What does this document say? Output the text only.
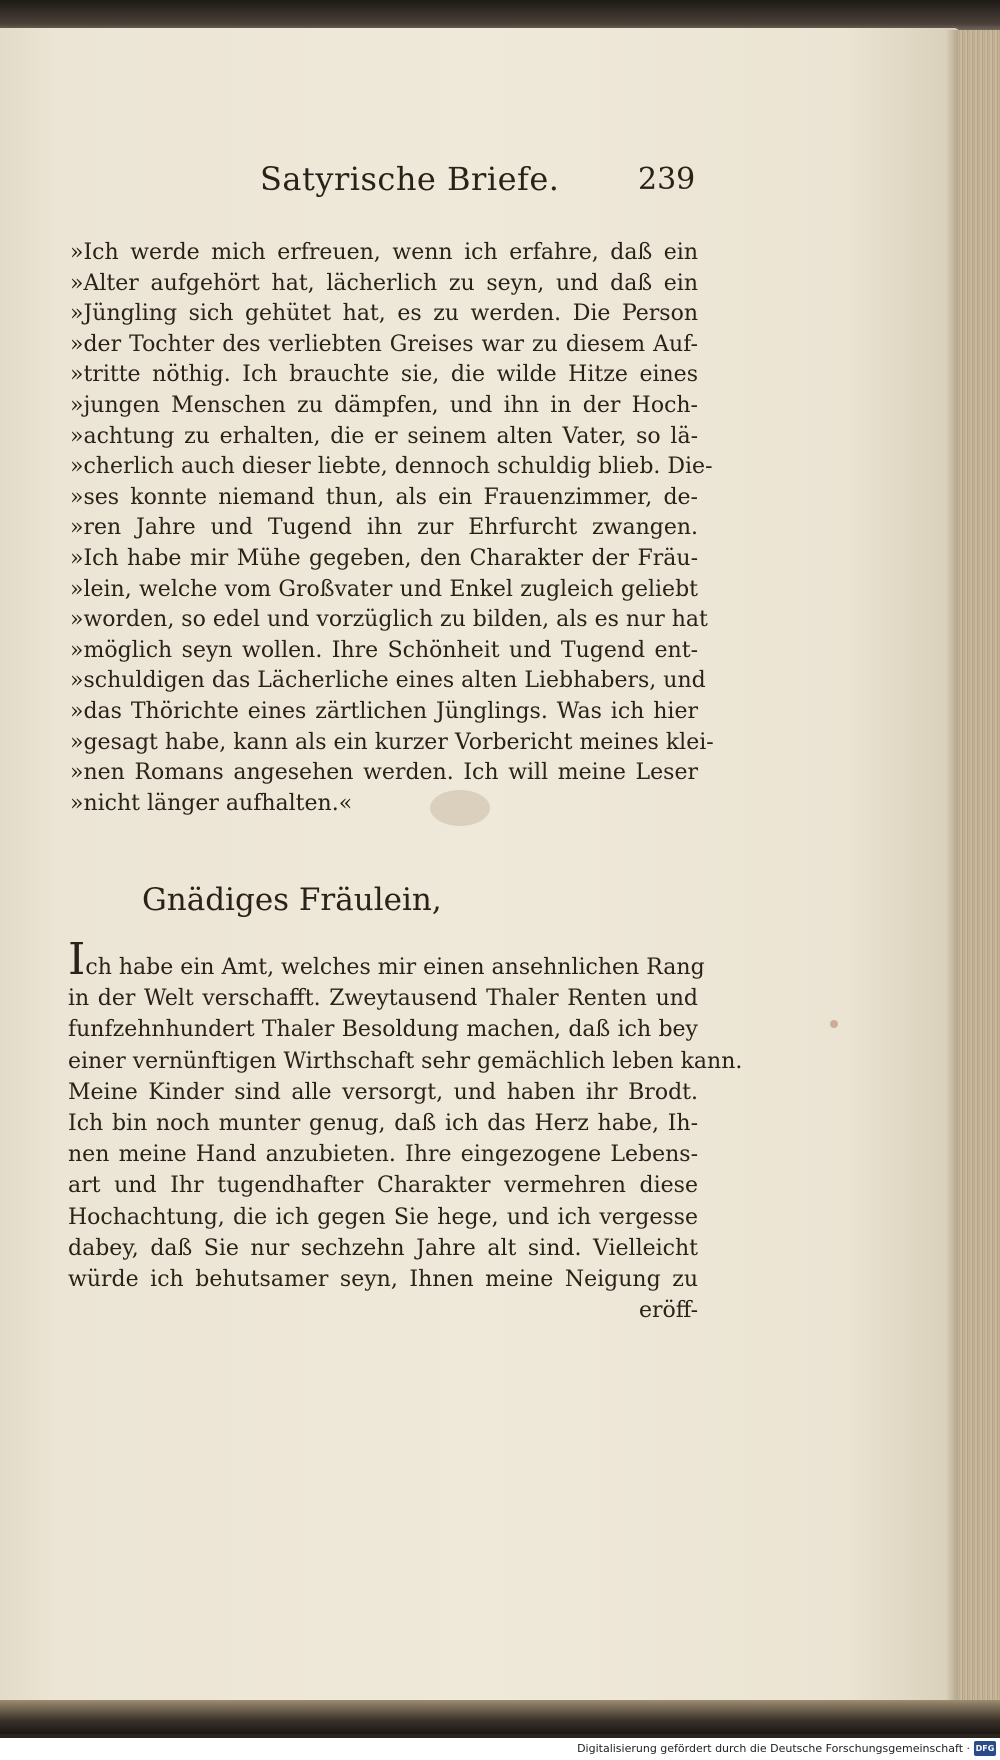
Satyrische Briefe.	239
»Ich werde mich erfreuen, wenn ich erfahre, daß ein
»Alter aufgehört hat, lächerlich zu seyn, und daß ein
»Jüngling sich gehütet hat, es zu werden. Die Person
»der Tochter des verliebten Greises war zu diesem Auf-
»tritte nöthig. Ich brauchte sie, die wilde Hitze eines
»jungen Menschen zu dämpfen, und ihn in der Hoch-
»achtung zu erhalten, die er seinem alten Vater, so lä-
»cherlich auch dieser liebte, dennoch schuldig blieb. Die-
»ses konnte niemand thun, als ein Frauenzimmer, de-
»ren Jahre und Tugend ihn zur Ehrfurcht zwangen.
»Ich habe mir Mühe gegeben, den Charakter der Fräu-
»lein, welche vom Großvater und Enkel zugleich geliebt
»worden, so edel und vorzüglich zu bilden, als es nur hat
»möglich seyn wollen. Ihre Schönheit und Tugend ent-
»schuldigen das Lächerliche eines alten Liebhabers, und
»das Thörichte eines zärtlichen Jünglings. Was ich hier
»gesagt habe, kann als ein kurzer Vorbericht meines klei-
»nen Romans angesehen werden. Ich will meine Leser
»nicht länger aufhalten.«
Gnädiges Fräulein,
Ich habe ein Amt, welches mir einen ansehnlichen Rang
in der Welt verschafft. Zweytausend Thaler Renten und
funfzehnhundert Thaler Besoldung machen, daß ich bey
einer vernünftigen Wirthschaft sehr gemächlich leben kann.
Meine Kinder sind alle versorgt, und haben ihr Brodt.
Ich bin noch munter genug, daß ich das Herz habe, Ih-
nen meine Hand anzubieten. Ihre eingezogene Lebens-
art und Ihr tugendhafter Charakter vermehren diese
Hochachtung, die ich gegen Sie hege, und ich vergesse
dabey, daß Sie nur sechzehn Jahre alt sind. Vielleicht
würde ich behutsamer seyn, Ihnen meine Neigung zu
eröff-
Digitalisierung gefördert durch die Deutsche Forschungsgemeinschaft · DFG
